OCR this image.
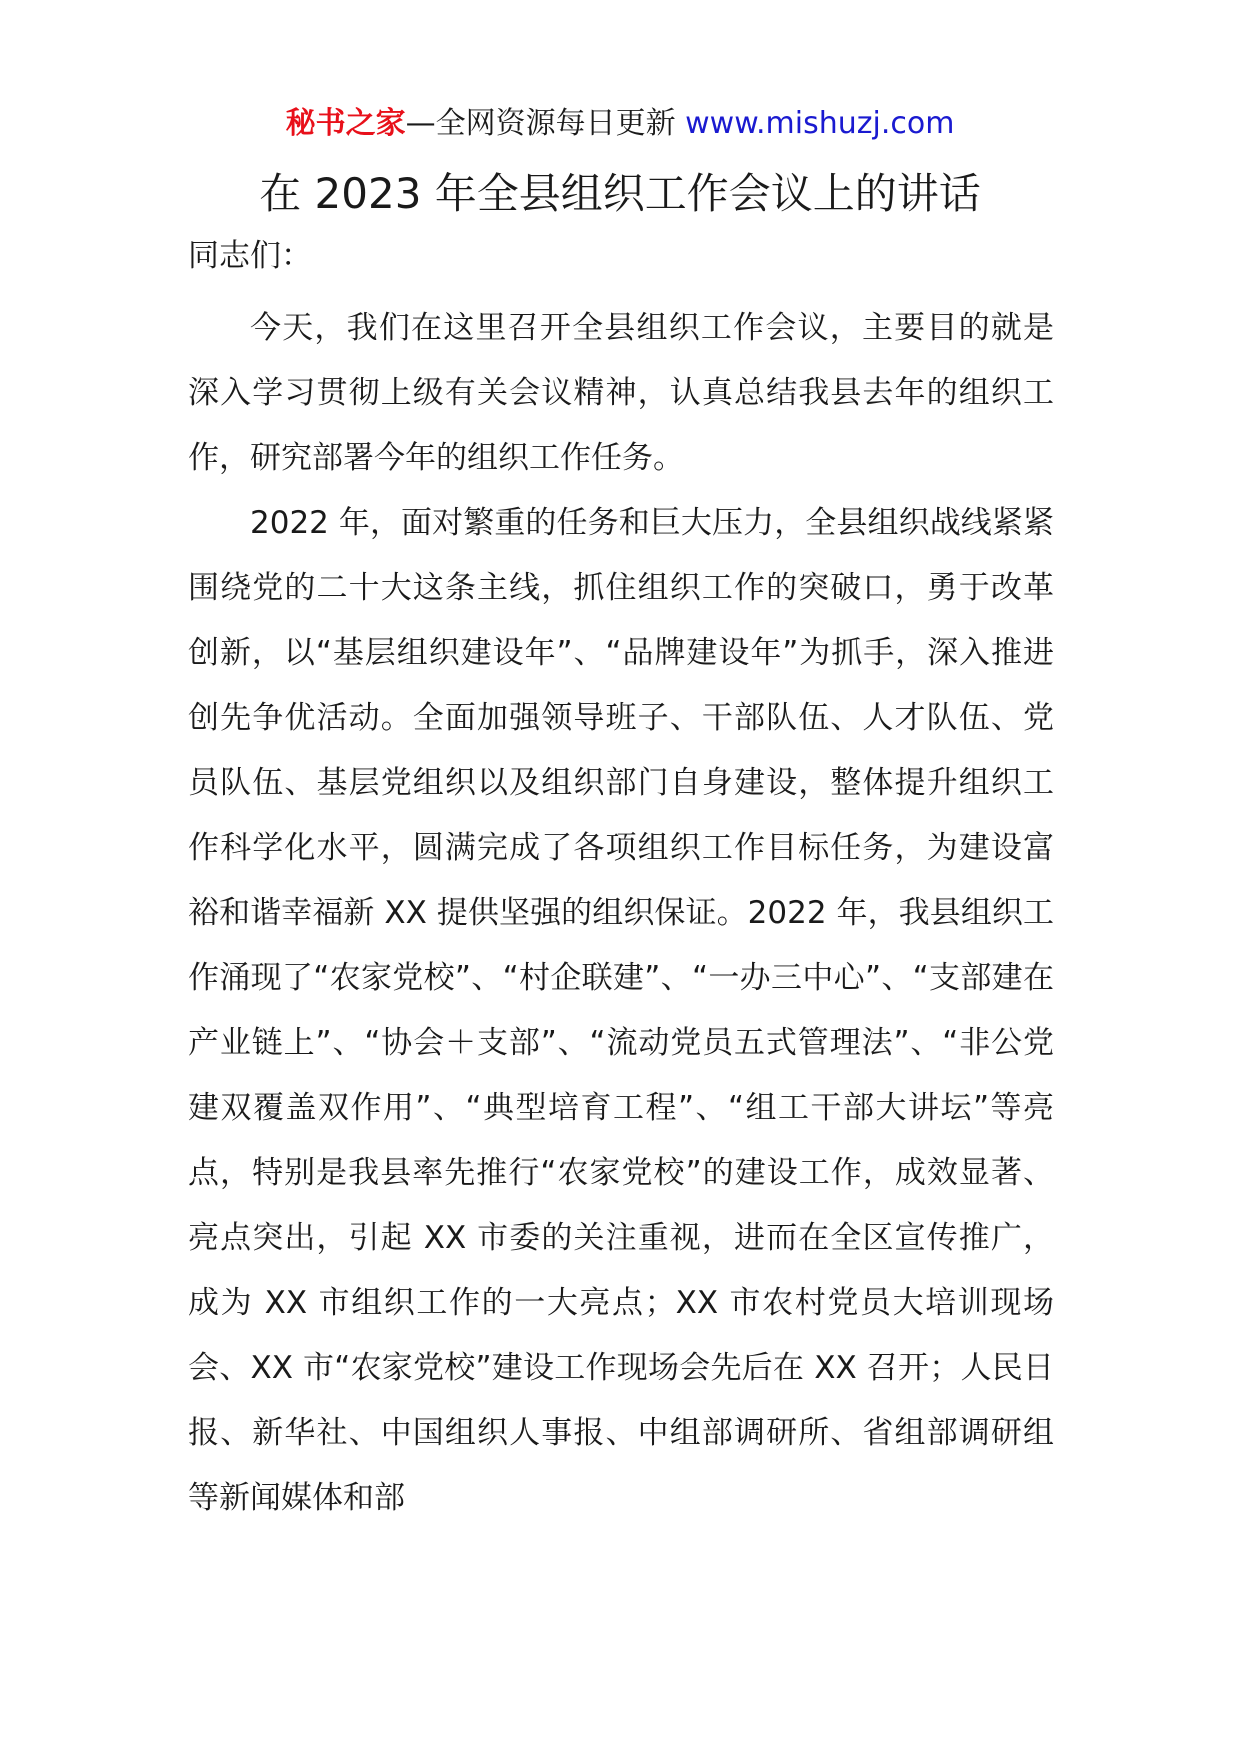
秘书之家—全网资源每日更新 www.mishuzj.com
在 2023 年全县组织工作会议上的讲话
同志们：

今天，我们在这里召开全县组织工作会议，主要目的就是深入学习贯彻上级有关会议精神，认真总结我县去年的组织工作，研究部署今年的组织工作任务。

2022 年，面对繁重的任务和巨大压力，全县组织战线紧紧围绕党的二十大这条主线，抓住组织工作的突破口，勇于改革创新，以“基层组织建设年”、“品牌建设年”为抓手，深入推进创先争优活动。全面加强领导班子、干部队伍、人才队伍、党员队伍、基层党组织以及组织部门自身建设，整体提升组织工作科学化水平，圆满完成了各项组织工作目标任务，为建设富裕和谐幸福新 XX 提供坚强的组织保证。2022 年，我县组织工作涌现了“农家党校”、“村企联建”、“一办三中心”、“支部建在产业链上”、“协会＋支部”、“流动党员五式管理法”、“非公党建双覆盖双作用”、“典型培育工程”、“组工干部大讲坛”等亮点，特别是我县率先推行“农家党校”的建设工作，成效显著、亮点突出，引起 XX 市委的关注重视，进而在全区宣传推广，成为 XX 市组织工作的一大亮点；XX 市农村党员大培训现场会、XX 市“农家党校”建设工作现场会先后在 XX 召开；人民日报、新华社、中国组织人事报、中组部调研所、省组部调研组等新闻媒体和部
